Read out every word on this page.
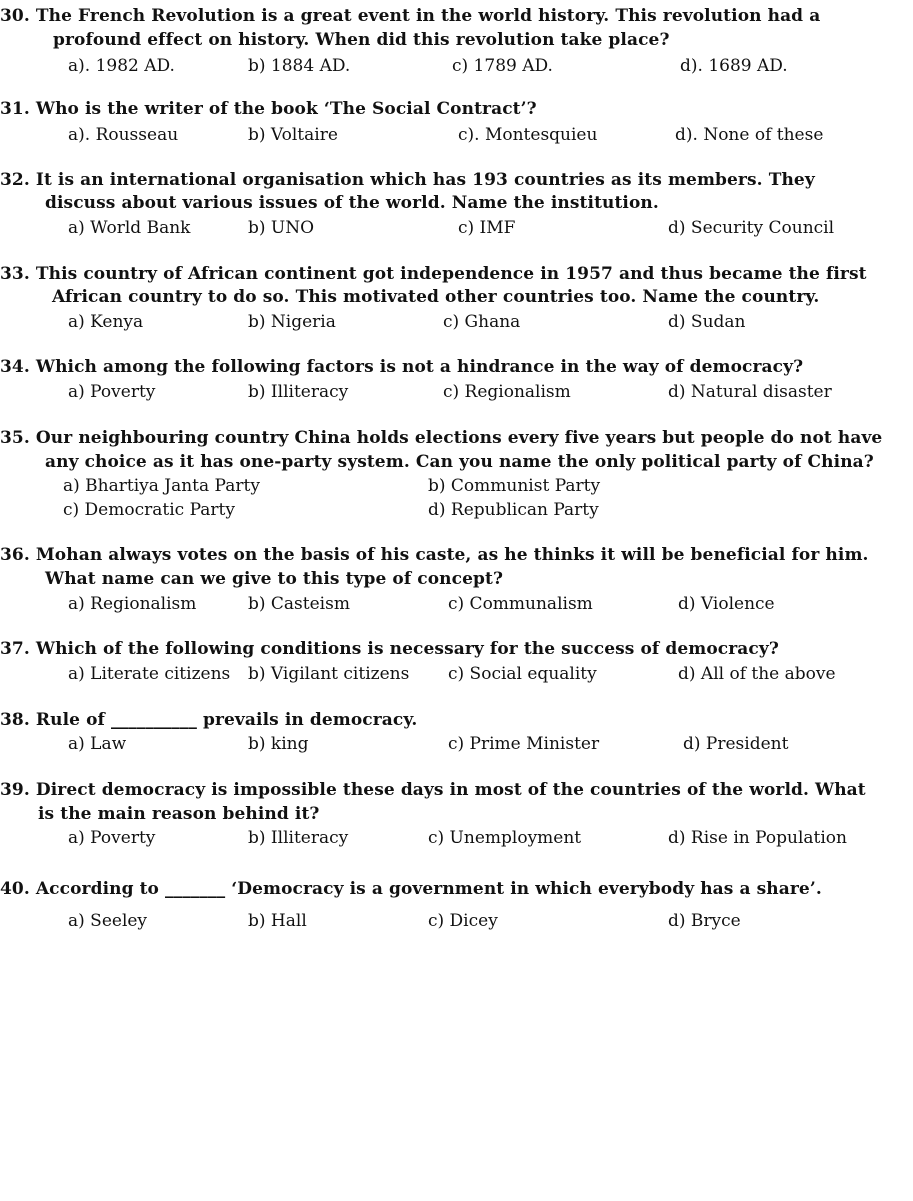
30. The French Revolution is a great event in the world history. This revolution had a
profound effect on history. When did this revolution take place?
a). 1982 AD.	b) 1884 AD.	c) 1789 AD.	d). 1689 AD.
31. Who is the writer of the book ‘The Social Contract’?
a). Rousseau	b) Voltaire	c). Montesquieu	d). None of these
32. It is an international organisation which has 193 countries as its members. They
discuss about various issues of the world. Name the institution.
a) World Bank	b) UNO	c) IMF	d) Security Council
33. This country of African continent got independence in 1957 and thus became the first
African country to do so. This motivated other countries too. Name the country.
a) Kenya	b) Nigeria	c) Ghana	d) Sudan
34. Which among the following factors is not a hindrance in the way of democracy?
a) Poverty	b) Illiteracy	c) Regionalism	d) Natural disaster
35. Our neighbouring country China holds elections every five years but people do not have
any choice as it has one-party system. Can you name the only political party of China?
a) Bhartiya Janta Party	b) Communist Party
c) Democratic Party	d) Republican Party
36. Mohan always votes on the basis of his caste, as he thinks it will be beneficial for him.
What name can we give to this type of concept?
a) Regionalism	b) Casteism	c) Communalism	d) Violence
37. Which of the following conditions is necessary for the success of democracy?
a) Literate citizens b) Vigilant citizens c) Social equality	d) All of the above
38. Rule of __________ prevails in democracy.
a) Law	b) king	c) Prime Minister	d) President
39. Direct democracy is impossible these days in most of the countries of the world. What
is the main reason behind it?
a) Poverty	b) Illiteracy	c) Unemployment	d) Rise in Population
40. According to _______ ‘Democracy is a government in which everybody has a share’.
a) Seeley	b) Hall	c) Dicey	d) Bryce
